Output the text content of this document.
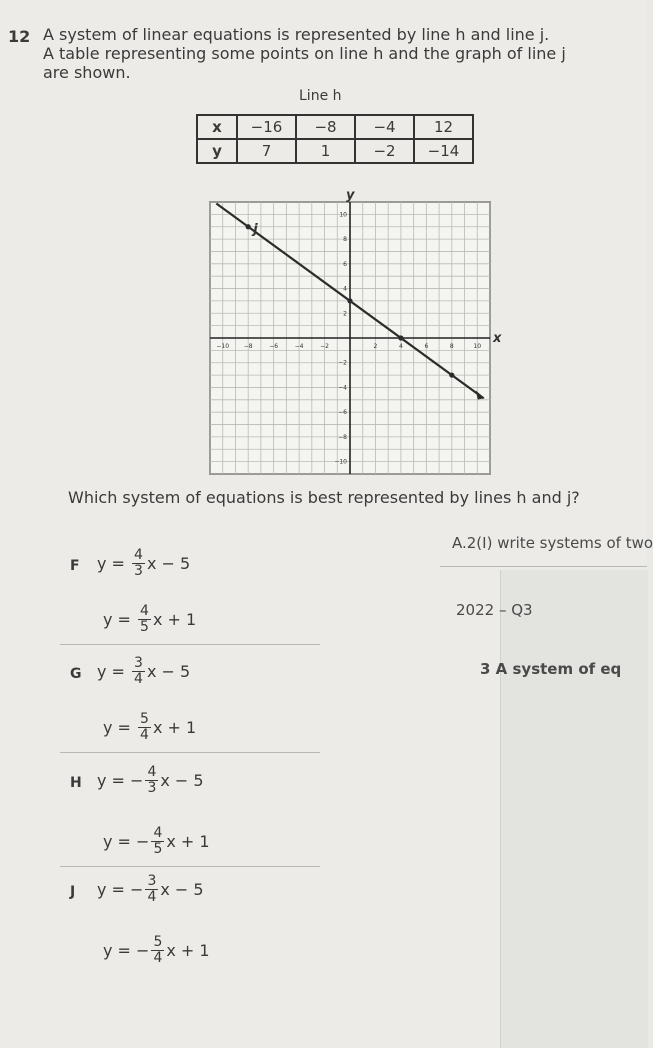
12 A system of linear equations is represented by line h and line j.
A table representing some points on line h and the graph of line j
are shown.
Line h
x	−16	−8	−4	12
y	7	1	−2	−14
−10 −8	−6	−4	−2	2	4	6	8	10
10
8
6
4
2
−2
−4
−6
−8
−10
x
y
j
Which system of equations is best represented by lines h and j?
F $y = \frac{4}{3}$ x − 5
$y = \frac{4}{5}$ x + 1
G $y = \frac{3}{4}$ x − 5
$y = \frac{5}{4}$ x + 1
H y = − $\frac{4}{3}$ x − 5
y = − $\frac{4}{5}$ x + 1
J y = − $\frac{3}{4}$ x − 5
y = − $\frac{5}{4}$ x + 1
A.2(I) write systems of two
2022 – Q3
3 A system of eq
